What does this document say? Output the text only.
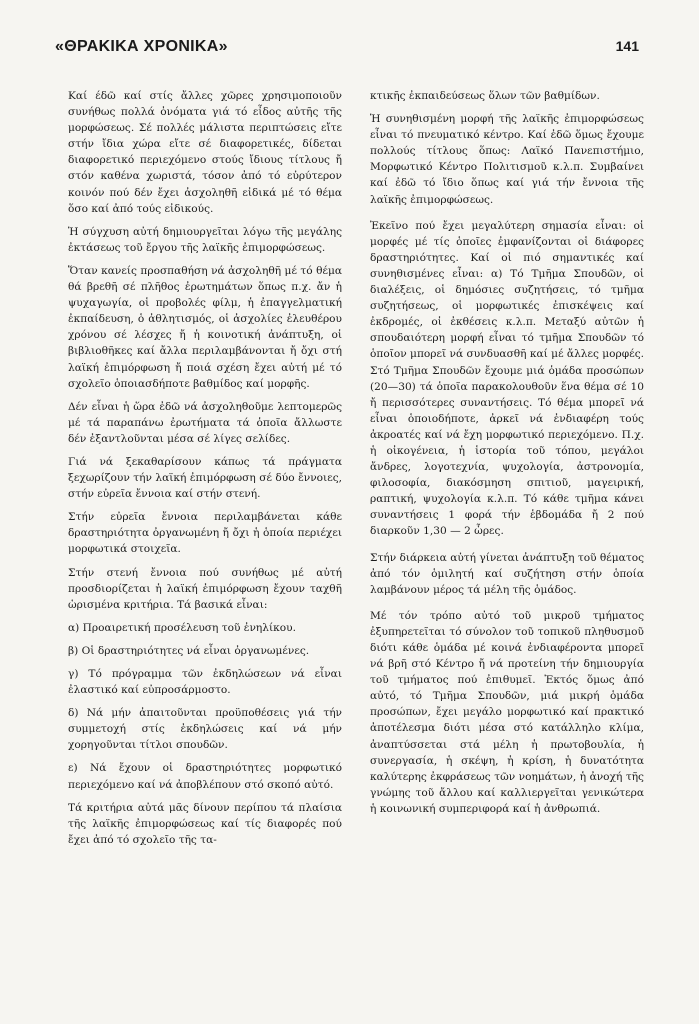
«ΘΡΑΚΙΚΑ ΧΡΟΝΙΚΑ»	141

Καί έδῶ καί στίς ἄλλες χῶρες χρησιμοποιοῦν συνήθως πολλά ὀνόματα γιά τό εἶδος αὐτῆς τῆς μορφώσεως. Σέ πολλές μάλιστα περιπτώσεις εἴτε στήν ἴδια χώρα εἴτε σέ διαφορετικές, δίδεται διαφορετικό περιεχόμενο στούς ἴδιους τίτλους ἤ στόν καθένα χωριστά, τόσον ἀπό τό εὐρύτερον κοινόν πού δέν ἔχει ἀσχοληθῆ εἰδικά μέ τό θέμα ὅσο καί ἀπό τούς εἰδικούς.

Ἡ σύγχυση αὐτή δημιουργεῖται λόγω τῆς μεγάλης ἐκτάσεως τοῦ ἔργου τῆς λαϊκῆς ἐπιμορφώσεως.

Ὅταν κανείς προσπαθήση νά ἀσχοληθῆ μέ τό θέμα θά βρεθῆ σέ πλῆθος ἐρωτημάτων ὅπως π.χ. ἄν ἡ ψυχαγωγία, οἱ προβολές φίλμ, ἡ ἐπαγγελματική ἐκπαίδευση, ὁ ἀθλητισμός, οἱ ἀσχολίες ἐλευθέρου χρόνου σέ λέσχες ἤ ἡ κοινοτική ἀνάπτυξη, οἱ βιβλιοθῆκες καί ἄλλα περιλαμβάνονται ἤ ὄχι στή λαϊκή ἐπιμόρφωση ἤ ποιά σχέση ἔχει αὐτή μέ τό σχολεῖο ὁποιασδήποτε βαθμίδος καί μορφῆς.

Δέν εἶναι ἡ ὥρα ἐδῶ νά ἀσχοληθοῦμε λεπτομερῶς μέ τά παραπάνω ἐρωτήματα τά ὁποῖα ἄλλωστε δέν ἐξαντλοῦνται μέσα σέ λίγες σελίδες.

Γιά νά ξεκαθαρίσουν κάπως τά πράγματα ξεχωρίζουν τήν λαϊκή ἐπιμόρφωση σέ δύο ἔννοιες, στήν εὐρεῖα ἔννοια καί στήν στενή.

Στήν εὐρεῖα ἔννοια περιλαμβάνεται κάθε δραστηριότητα ὀργανωμένη ἤ ὄχι ἡ ὁποία περιέχει μορφωτικά στοιχεῖα.

Στήν στενή ἔννοια πού συνήθως μέ αὐτή προσδιορίζεται ἡ λαϊκή ἐπιμόρφωση ἔχουν ταχθῆ ὡρισμένα κριτήρια. Τά βασικά εἶναι:

α) Προαιρετική προσέλευση τοῦ ἐνηλίκου.

β) Οἱ δραστηριότητες νά εἶναι ὀργανωμένες.

γ) Τό πρόγραμμα τῶν ἐκδηλώσεων νά εἶναι ἐλαστικό καί εὐπροσάρμοστο.

δ) Νά μήν ἀπαιτοῦνται προϋποθέσεις γιά τήν συμμετοχή στίς ἐκδηλώσεις καί νά μήν χορηγοῦνται τίτλοι σπουδῶν.

ε) Νά ἔχουν οἱ δραστηριότητες μορφωτικό περιεχόμενο καί νά ἀποβλέπουν στό σκοπό αὐτό.

Τά κριτήρια αὐτά μᾶς δίνουν περίπου τά πλαίσια τῆς λαϊκῆς ἐπιμορφώσεως καί τίς διαφορές πού ἔχει ἀπό τό σχολεῖο τῆς τα-

κτικῆς ἐκπαιδεύσεως ὅλων τῶν βαθμίδων.

Ἡ συνηθισμένη μορφή τῆς λαϊκῆς ἐπιμορφώσεως εἶναι τό πνευματικό κέντρο. Καί ἐδῶ ὅμως ἔχουμε πολλούς τίτλους ὅπως: Λαϊκό Πανεπιστήμιο, Μορφωτικό Κέντρο Πολιτισμοῦ κ.λ.π. Συμβαίνει καί ἐδῶ τό ἴδιο ὅπως καί γιά τήν ἔννοια τῆς λαϊκῆς ἐπιμορφώσεως.

Ἐκεῖνο πού ἔχει μεγαλύτερη σημασία εἶναι: οἱ μορφές μέ τίς ὁποῖες ἐμφανίζονται οἱ διάφορες δραστηριότητες. Καί οἱ πιό σημαντικές καί συνηθισμένες εἶναι: α) Τό Τμῆμα Σπουδῶν, οἱ διαλέξεις, οἱ δημόσιες συζητήσεις, τό τμῆμα συζητήσεως, οἱ μορφωτικές ἐπισκέψεις καί ἐκδρομές, οἱ ἐκθέσεις κ.λ.π. Μεταξύ αὐτῶν ἡ σπουδαιότερη μορφή εἶναι τό τμῆμα Σπουδῶν τό ὁποῖον μπορεῖ νά συνδυασθῆ καί μέ ἄλλες μορφές. Στό Τμῆμα Σπουδῶν ἔχουμε μιά ὁμάδα προσώπων (20—30) τά ὁποῖα παρακολουθοῦν ἕνα θέμα σέ 10 ἤ περισσότερες συναντήσεις. Τό θέμα μπορεῖ νά εἶναι ὁποιοδήποτε, ἀρκεῖ νά ἐνδιαφέρη τούς ἀκροατές καί νά ἔχη μορφωτικό περιεχόμενο. Π.χ. ἡ οἰκογένεια, ἡ ἱστορία τοῦ τόπου, μεγάλοι ἄνδρες, λογοτεχνία, ψυχολογία, ἀστρονομία, φιλοσοφία, διακόσμηση σπιτιοῦ, μαγειρική, ραπτική, ψυχολογία κ.λ.π. Τό κάθε τμῆμα κάνει συναντήσεις 1 φορά τήν ἑβδομάδα ἤ 2 πού διαρκοῦν 1,30 — 2 ὧρες.

Στήν διάρκεια αὐτή γίνεται ἀνάπτυξη τοῦ θέματος ἀπό τόν ὁμιλητή καί συζήτηση στήν ὁποία λαμβάνουν μέρος τά μέλη τῆς ὁμάδος.

Μέ τόν τρόπο αὐτό τοῦ μικροῦ τμήματος ἐξυπηρετεῖται τό σύνολον τοῦ τοπικοῦ πληθυσμοῦ διότι κάθε ὁμάδα μέ κοινά ἐνδιαφέροντα μπορεῖ νά βρῆ στό Κέντρο ἤ νά προτείνη τήν δημιουργία τοῦ τμήματος πού ἐπιθυμεῖ. Ἐκτός ὅμως ἀπό αὐτό, τό Τμῆμα Σπουδῶν, μιά μικρή ὁμάδα προσώπων, ἔχει μεγάλο μορφωτικό καί πρακτικό ἀποτέλεσμα διότι μέσα στό κατάλληλο κλίμα, ἀναπτύσσεται στά μέλη ἡ πρωτοβουλία, ἡ συνεργασία, ἡ σκέψη, ἡ κρίση, ἡ δυνατότητα καλύτερης ἐκφράσεως τῶν νοημάτων, ἡ ἀνοχή τῆς γνώμης τοῦ ἄλλου καί καλλιεργεῖται γενικώτερα ἡ κοινωνική συμπεριφορά καί ἡ ἀνθρωπιά.
